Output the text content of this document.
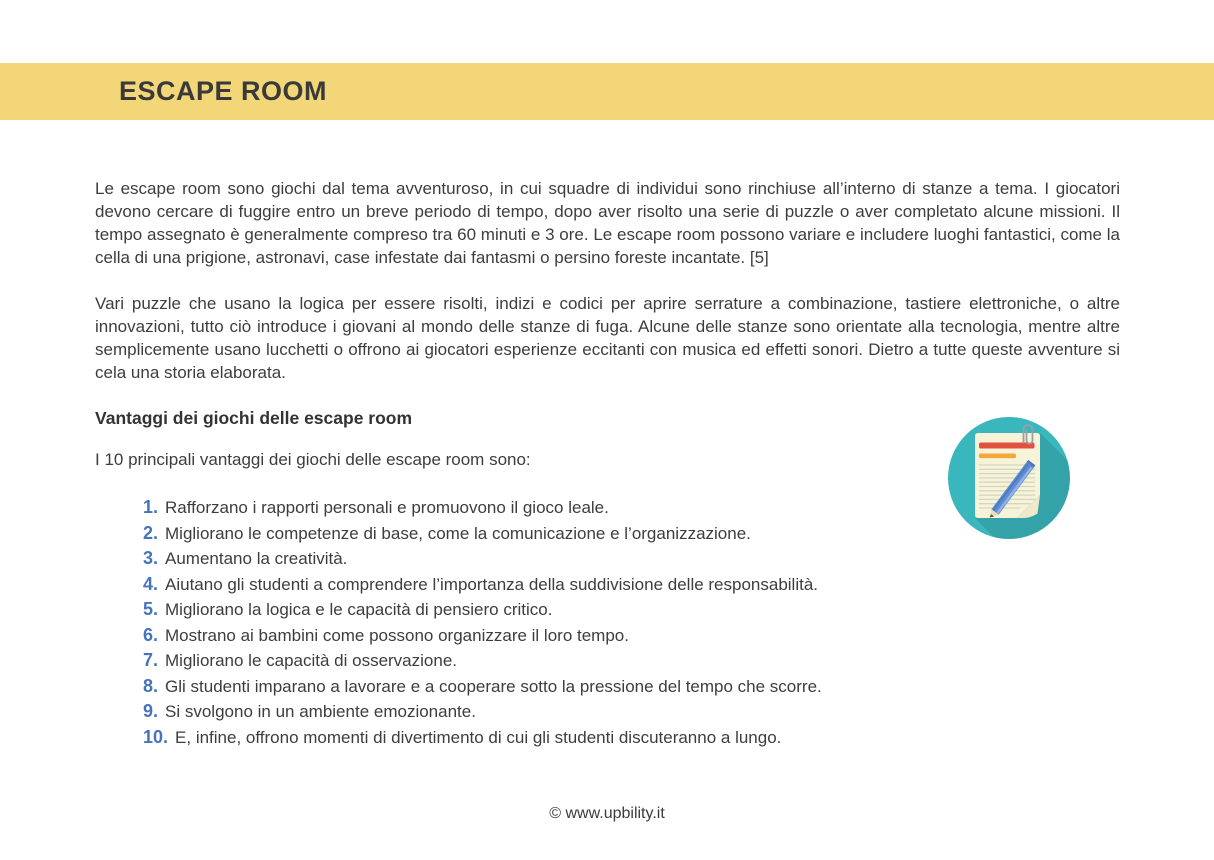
ESCAPE ROOM

Le escape room sono giochi dal tema avventuroso, in cui squadre di individui sono rinchiuse all’interno di stanze a tema. I giocatori devono cercare di fuggire entro un breve periodo di tempo, dopo aver risolto una serie di puzzle o aver completato alcune missioni. Il tempo assegnato è generalmente compreso tra 60 minuti e 3 ore. Le escape room possono variare e includere luoghi fantastici, come la cella di una prigione, astronavi, case infestate dai fantasmi o persino foreste incantate. [5]

Vari puzzle che usano la logica per essere risolti, indizi e codici per aprire serrature a combinazione, tastiere elettroniche, o altre innovazioni, tutto ciò introduce i giovani al mondo delle stanze di fuga. Alcune delle stanze sono orientate alla tecnologia, mentre altre semplicemente usano lucchetti o offrono ai giocatori esperienze eccitanti con musica ed effetti sonori. Dietro a tutte queste avventure si cela una storia elaborata.

Vantaggi dei giochi delle escape room

I 10 principali vantaggi dei giochi delle escape room sono:

1. Rafforzano i rapporti personali e promuovono il gioco leale.
2. Migliorano le competenze di base, come la comunicazione e l’organizzazione.
3. Aumentano la creatività.
4. Aiutano gli studenti a comprendere l’importanza della suddivisione delle responsabilità.
5. Migliorano la logica e le capacità di pensiero critico.
6. Mostrano ai bambini come possono organizzare il loro tempo.
7. Migliorano le capacità di osservazione.
8. Gli studenti imparano a lavorare e a cooperare sotto la pressione del tempo che scorre.
9. Si svolgono in un ambiente emozionante.
10. E, infine, offrono momenti di divertimento di cui gli studenti discuteranno a lungo.
© www.upbility.it
